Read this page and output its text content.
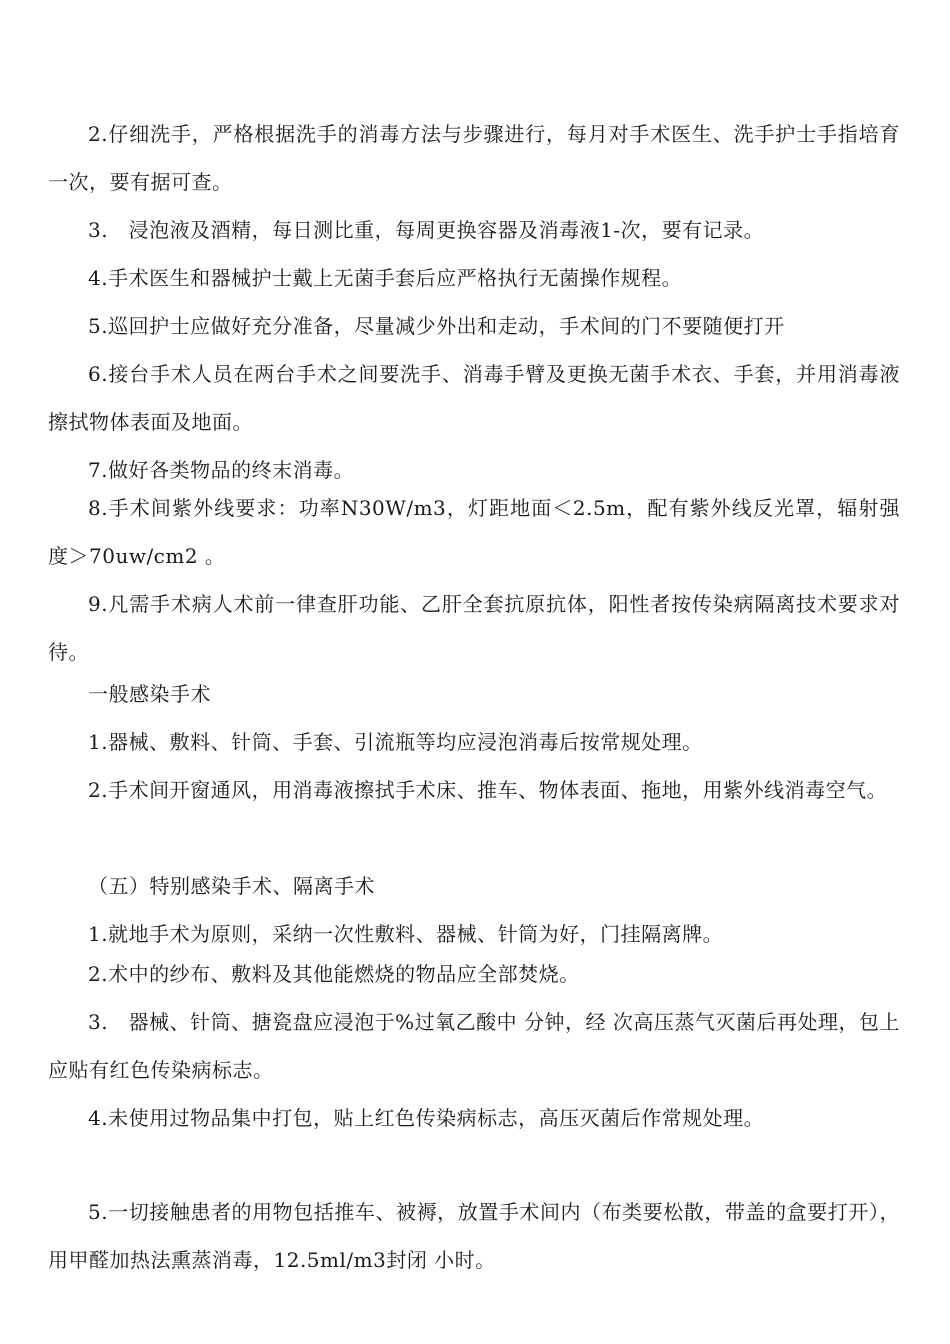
2.仔细洗手，严格根据洗手的消毒方法与步骤进行，每月对手术医生、洗手护士手指培育一次，要有据可查。

3.　浸泡液及酒精，每日测比重，每周更换容器及消毒液1-次，要有记录。

4.手术医生和器械护士戴上无菌手套后应严格执行无菌操作规程。

5.巡回护士应做好充分准备，尽量减少外出和走动，手术间的门不要随便打开

6.接台手术人员在两台手术之间要洗手、消毒手臂及更换无菌手术衣、手套，并用消毒液擦拭物体表面及地面。

7.做好各类物品的终末消毒。

8.手术间紫外线要求：功率N30W/m3，灯距地面＜2.5m，配有紫外线反光罩，辐射强度＞70uw/cm2 。

9.凡需手术病人术前一律查肝功能、乙肝全套抗原抗体，阳性者按传染病隔离技术要求对待。

一般感染手术

1.器械、敷料、针筒、手套、引流瓶等均应浸泡消毒后按常规处理。

2.手术间开窗通风，用消毒液擦拭手术床、推车、物体表面、拖地，用紫外线消毒空气。

（五）特别感染手术、隔离手术

1.就地手术为原则，采纳一次性敷料、器械、针筒为好，门挂隔离牌。

2.术中的纱布、敷料及其他能燃烧的物品应全部焚烧。

3.　器械、针筒、搪瓷盘应浸泡于%过氧乙酸中 分钟，经 次高压蒸气灭菌后再处理，包上应贴有红色传染病标志。

4.未使用过物品集中打包，贴上红色传染病标志，高压灭菌后作常规处理。

5.一切接触患者的用物包括推车、被褥，放置手术间内（布类要松散，带盖的盒要打开），用甲醛加热法熏蒸消毒，12.5ml/m3封闭 小时。
